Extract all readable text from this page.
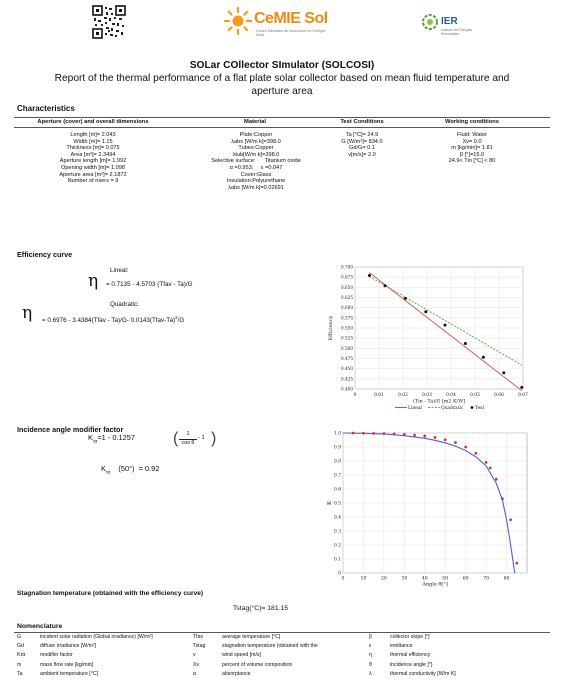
CeMIE Sol
Centro Mexicano de Innovación en Energía Solar
IER
Instituto de Energías Renovables
SOLar COllector SImulator (SOLCOSI)
Report of the thermal performance of a flat plate solar collector based on mean fluid temperature and
aperture area
Characteristics
Aperture (cover) and overall dimensions	Material	Test Conditions	Working conditions
Length [m]= 2.043
Width [m]= 1.15
Thickness [m]= 0.075
Area [m²]= 2.3494
Aperture length [m]= 1.992
Opening width [m]= 1.098
Aperture area [m²]= 2.1872
Number of risers = 9
Plate:Copper
λabs [W/m k]=398.0
Tubes:Copper
λtub[W/m k]=398.0
Selective surface: Titanium oxide
α =0.953; ε =0.047
Cover:Glass
Insulation:Polyurethane
λabs [W/m k]=0.02691
Ta [°C]= 24.9
G [W/m²]= 834.0
Gd/G= 0.1
v[m/s]= 2.0
Fluid: Water
Xv= 0.0
m [kg/min]= 1.81
β [°]=15.0
24.9< Tin [°C] < 80
Efficiency curve
η
Lineal:
= 0.7135 - 4.5703 (Tfav - Ta)/G
Quadratic:
η = 0.6976 - 3.4384(Tfav - Ta)/G- 0.0143(Tfav-Ta)$^2$/G
0.400
0.425
0.450
0.475
0.500
0.525
0.550
0.575
0.600
0.625
0.650
0.675
0.700
0	0.01	0.02	0.03	0.04	0.05	0.06	0.07
(Tin - Ta)/G [m2 K/W]
Efficiency
Lineal	Quadratic	Test
Incidence angle modifier factor
$K_{\tau\alpha}=1 - 0.1257$ (	1
cos θ
- 1 )
$K_{\tau\alpha}$ (50°) = 0.92
0
0.1
0.2
0.3
0.4
0.5
0.6
0.7
0.8
0.9
1.0
0	10	20	30	40	50	60	70	80
Angle θ[°]
K
Stagnation temperature (obtained with the efficiency curve)
Tstag(°C)= 181.15
Nomenclature
G	incident solar radiation (Global irradiance) [W/m²]	Tfav	average temperature [°C]	β	collector slope [°]
Gd	diffuse irradiance [W/m²]	Tstag	stagnation temperature (obtained with the	ε	emittance
Kτα	modifier factor	v	wind speed [m/s]	η	thermal efficiency
m	mass flow rate [kg/min]	Xv	percent of volume composition	θ	incidence angle [°]
Ta	ambient temperature [°C]	α	absorptance	λ	thermal conductivity [W/m K]
